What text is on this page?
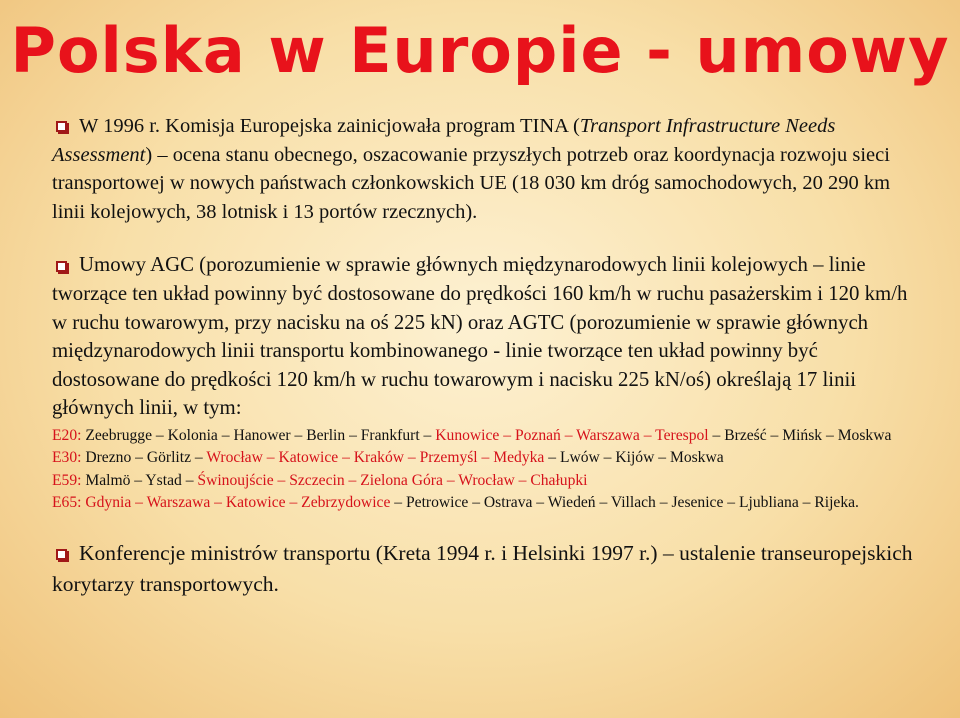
Polska w Europie - umowy

W 1996 r. Komisja Europejska zainicjowała program TINA (Transport Infrastructure Needs Assessment) – ocena stanu obecnego, oszacowanie przyszłych potrzeb oraz koordynacja rozwoju sieci transportowej w nowych państwach członkowskich UE (18 030 km dróg samochodowych, 20 290 km linii kolejowych, 38 lotnisk i 13 portów rzecznych).

Umowy AGC (porozumienie w sprawie głównych międzynarodowych linii kolejowych – linie tworzące ten układ powinny być dostosowane do prędkości 160 km/h w ruchu pasażerskim i 120 km/h w ruchu towarowym, przy nacisku na oś 225 kN) oraz AGTC (porozumienie w sprawie głównych międzynarodowych linii transportu kombinowanego - linie tworzące ten układ powinny być dostosowane do prędkości 120 km/h w ruchu towarowym i nacisku 225 kN/oś) określają 17 linii głównych linii, w tym:

E20: Zeebrugge – Kolonia – Hanower – Berlin – Frankfurt – Kunowice – Poznań – Warszawa – Terespol – Brześć – Mińsk – Moskwa
E30: Drezno – Görlitz – Wrocław – Katowice – Kraków – Przemyśl – Medyka – Lwów – Kijów – Moskwa
E59: Malmö – Ystad – Świnoujście – Szczecin – Zielona Góra – Wrocław – Chałupki
E65: Gdynia – Warszawa – Katowice – Zebrzydowice – Petrowice – Ostrava – Wiedeń – Villach – Jesenice – Ljubliana – Rijeka.

Konferencje ministrów transportu (Kreta 1994 r. i Helsinki 1997 r.) – ustalenie transeuropejskich korytarzy transportowych.
